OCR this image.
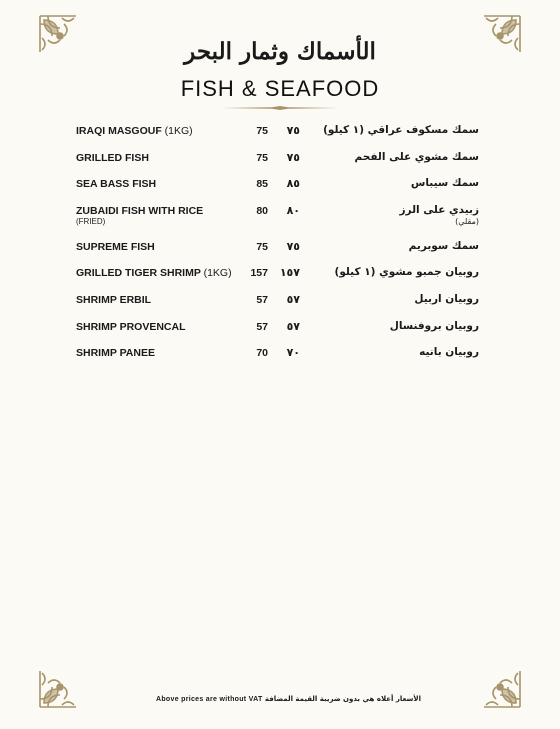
الأسماك وثمار البحر
FISH & SEAFOOD
IRAQI MASGOUF (1KG)	75	٧٥ سمك مسكوف عراقي (١ كيلو)
GRILLED FISH	75	٧٥	سمك مشوي على الفحم
SEA BASS FISH	85	٨٥	سمك سيباس
ZUBAIDI FISH WITH RICE
(FRIED)
80	٨٠	زبيدي على الرز
(مقلي)
SUPREME FISH	75	٧٥	سمك سوبريم
GRILLED TIGER SHRIMP (1KG)	157 ١٥٧	روبيان جمبو مشوي (١ كيلو)
SHRIMP ERBIL	57	٥٧	روبيان اربيل
SHRIMP PROVENCAL	57	٥٧	روبيان بروفنسال
SHRIMP PANEE	70	٧٠	روبيان بانيه
Above prices are without VAT الأسعار أعلاه هي بدون ضريبة القيمة المضافة
